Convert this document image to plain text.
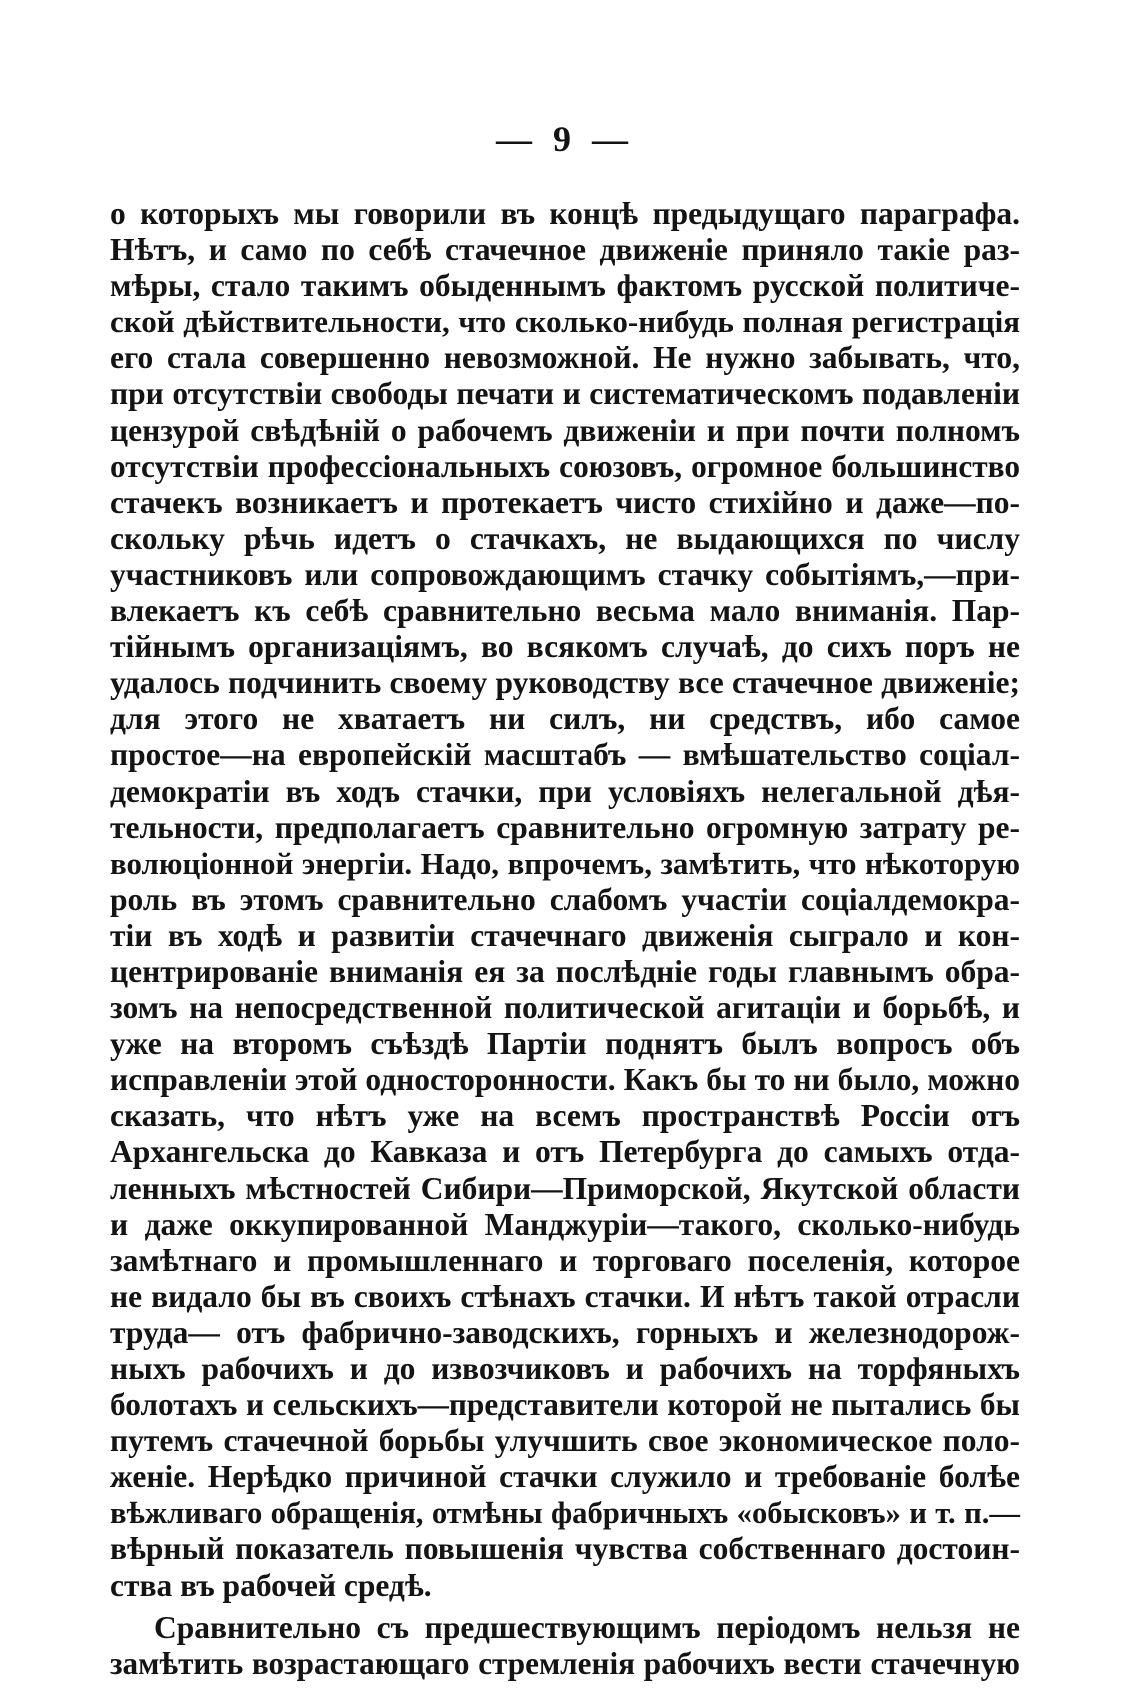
— 9 —
о которыхъ мы говорили въ концѣ предыдущаго параграфа.
Нѣтъ, и само по себѣ стачечное движеніе приняло такіе раз-
мѣры, стало такимъ обыденнымъ фактомъ русской политиче-
ской дѣйствительности, что сколько-нибудь полная регистрація
его стала совершенно невозможной. Не нужно забывать, что,
при отсутствіи свободы печати и систематическомъ подавленіи
цензурой свѣдѣній о рабочемъ движеніи и при почти полномъ
отсутствіи профессіональныхъ союзовъ, огромное большинство
стачекъ возникаетъ и протекаетъ чисто стихійно и даже—по-
скольку рѣчь идетъ о стачкахъ, не выдающихся по числу
участниковъ или сопровождающимъ стачку событіямъ,—при-
влекаетъ къ себѣ сравнительно весьма мало вниманія. Пар-
тійнымъ организаціямъ, во всякомъ случаѣ, до сихъ поръ не
удалось подчинить своему руководству все стачечное движеніе;
для этого не хватаетъ ни силъ, ни средствъ, ибо самое
простое—на европейскій масштабъ — вмѣшательство соціал-
демократіи въ ходъ стачки, при условіяхъ нелегальной дѣя-
тельности, предполагаетъ сравнительно огромную затрату ре-
волюціонной энергіи. Надо, впрочемъ, замѣтить, что нѣкоторую
роль въ этомъ сравнительно слабомъ участіи соціалдемокра-
тіи въ ходѣ и развитіи стачечнаго движенія сыграло и кон-
центрированіе вниманія ея за послѣдніе годы главнымъ обра-
зомъ на непосредственной политической агитаціи и борьбѣ, и
уже на второмъ съѣздѣ Партіи поднятъ былъ вопросъ объ
исправленіи этой односторонности. Какъ бы то ни было, можно
сказать, что нѣтъ уже на всемъ пространствѣ Россіи отъ
Архангельска до Кавказа и отъ Петербурга до самыхъ отда-
ленныхъ мѣстностей Сибири—Приморской, Якутской области
и даже оккупированной Манджуріи—такого, сколько-нибудь
замѣтнаго и промышленнаго и торговаго поселенія, которое
не видало бы въ своихъ стѣнахъ стачки. И нѣтъ такой отрасли
труда— отъ фабрично-заводскихъ, горныхъ и железнодорож-
ныхъ рабочихъ и до извозчиковъ и рабочихъ на торфяныхъ
болотахъ и сельскихъ—представители которой не пытались бы
путемъ стачечной борьбы улучшить свое экономическое поло-
женіе. Нерѣдко причиной стачки служило и требованіе болѣе
вѣжливаго обращенія, отмѣны фабричныхъ «обысковъ» и т. п.—
вѣрный показатель повышенія чувства собственнаго достоин-
ства въ рабочей средѣ.
Сравнительно съ предшествующимъ періодомъ нельзя не
замѣтить возрастающаго стремленія рабочихъ вести стачечную
